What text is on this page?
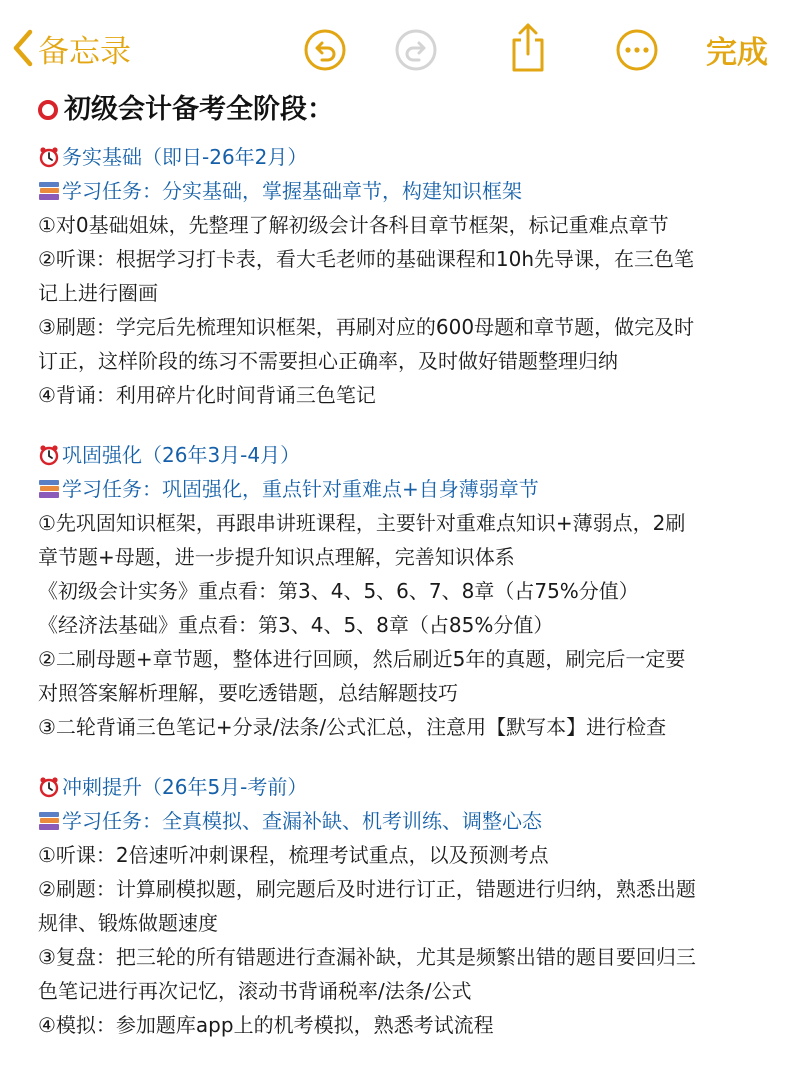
备忘录	完成
初级会计备考全阶段：
务实基础（即日-26年2月）
学习任务：分实基础，掌握基础章节，构建知识框架
①对0基础姐妹，先整理了解初级会计各科目章节框架，标记重难点章节
②听课：根据学习打卡表，看大毛老师的基础课程和10h先导课，在三色笔
记上进行圈画
③刷题：学完后先梳理知识框架，再刷对应的600母题和章节题，做完及时
订正，这样阶段的练习不需要担心正确率，及时做好错题整理归纳
④背诵：利用碎片化时间背诵三色笔记
巩固强化（26年3月-4月）
学习任务：巩固强化，重点针对重难点+自身薄弱章节
①先巩固知识框架，再跟串讲班课程，主要针对重难点知识+薄弱点，2刷
章节题+母题，进一步提升知识点理解，完善知识体系
《初级会计实务》重点看：第3、4、5、6、7、8章（占75%分值）
《经济法基础》重点看：第3、4、5、8章（占85%分值）
②二刷母题+章节题，整体进行回顾，然后刷近5年的真题，刷完后一定要
对照答案解析理解，要吃透错题，总结解题技巧
③二轮背诵三色笔记+分录/法条/公式汇总，注意用【默写本】进行检查
冲刺提升（26年5月-考前）
学习任务：全真模拟、查漏补缺、机考训练、调整心态
①听课：2倍速听冲刺课程，梳理考试重点，以及预测考点
②刷题：计算刷模拟题，刷完题后及时进行订正，错题进行归纳，熟悉出题
规律、锻炼做题速度
③复盘：把三轮的所有错题进行查漏补缺，尤其是频繁出错的题目要回归三
色笔记进行再次记忆，滚动书背诵税率/法条/公式
④模拟：参加题库app上的机考模拟，熟悉考试流程
